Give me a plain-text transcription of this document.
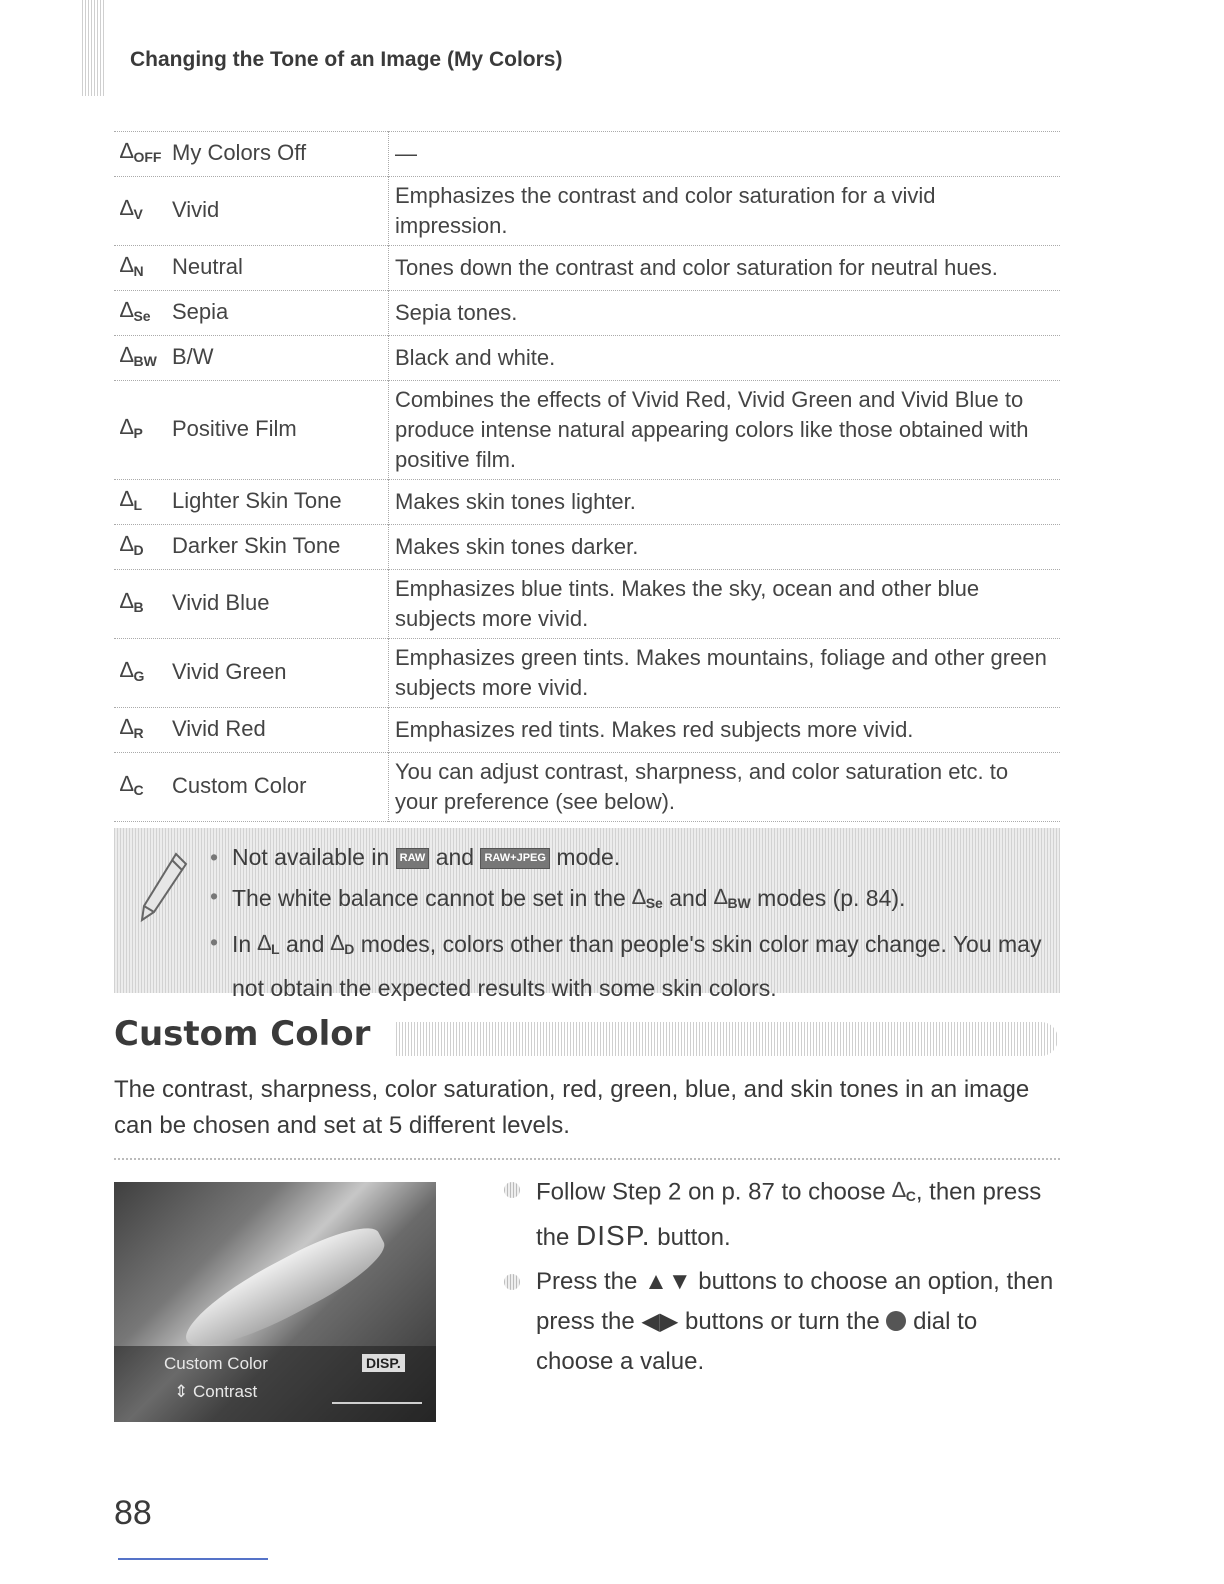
Changing the Tone of an Image (My Colors)
$\Delta_{OFF}$ My Colors Off	—
$\Delta_V$ Vivid	Emphasizes the contrast and color saturation for a vivid impression.
$\Delta_N$ Neutral	Tones down the contrast and color saturation for neutral hues.
$\Delta_{Se}$ Sepia	Sepia tones.
$\Delta_{BW}$ B/W	Black and white.
$\Delta_P$ Positive Film	Combines the effects of Vivid Red, Vivid Green and Vivid Blue to produce intense natural appearing colors like those obtained with positive film.
$\Delta_L$ Lighter Skin Tone	Makes skin tones lighter.
$\Delta_D$ Darker Skin Tone	Makes skin tones darker.
$\Delta_B$ Vivid Blue	Emphasizes blue tints. Makes the sky, ocean and other blue subjects more vivid.
$\Delta_G$ Vivid Green	Emphasizes green tints. Makes mountains, foliage and other green subjects more vivid.
$\Delta_R$ Vivid Red	Emphasizes red tints. Makes red subjects more vivid.
$\Delta_C$ Custom Color	You can adjust contrast, sharpness, and color saturation etc. to your preference (see below).
• Not available in RAW and RAW+JPEG mode.
• The white balance cannot be set in the $\Delta_{Se}$ and $\Delta_{BW}$ modes (p. 84).
• In $\Delta_L$ and $\Delta_D$ modes, colors other than people's skin color may change. You may not obtain the expected results with some skin colors.
Custom Color

The contrast, sharpness, color saturation, red, green, blue, and skin tones in an image can be chosen and set at 5 different levels.

Custom Color	DISP.
⇕ Contrast
Follow Step 2 on p. 87 to choose $\Delta_C$, then press the DISP. button.
Press the ▲▼ buttons to choose an option, then press the ◀▶ buttons or turn the dial to choose a value.
88
